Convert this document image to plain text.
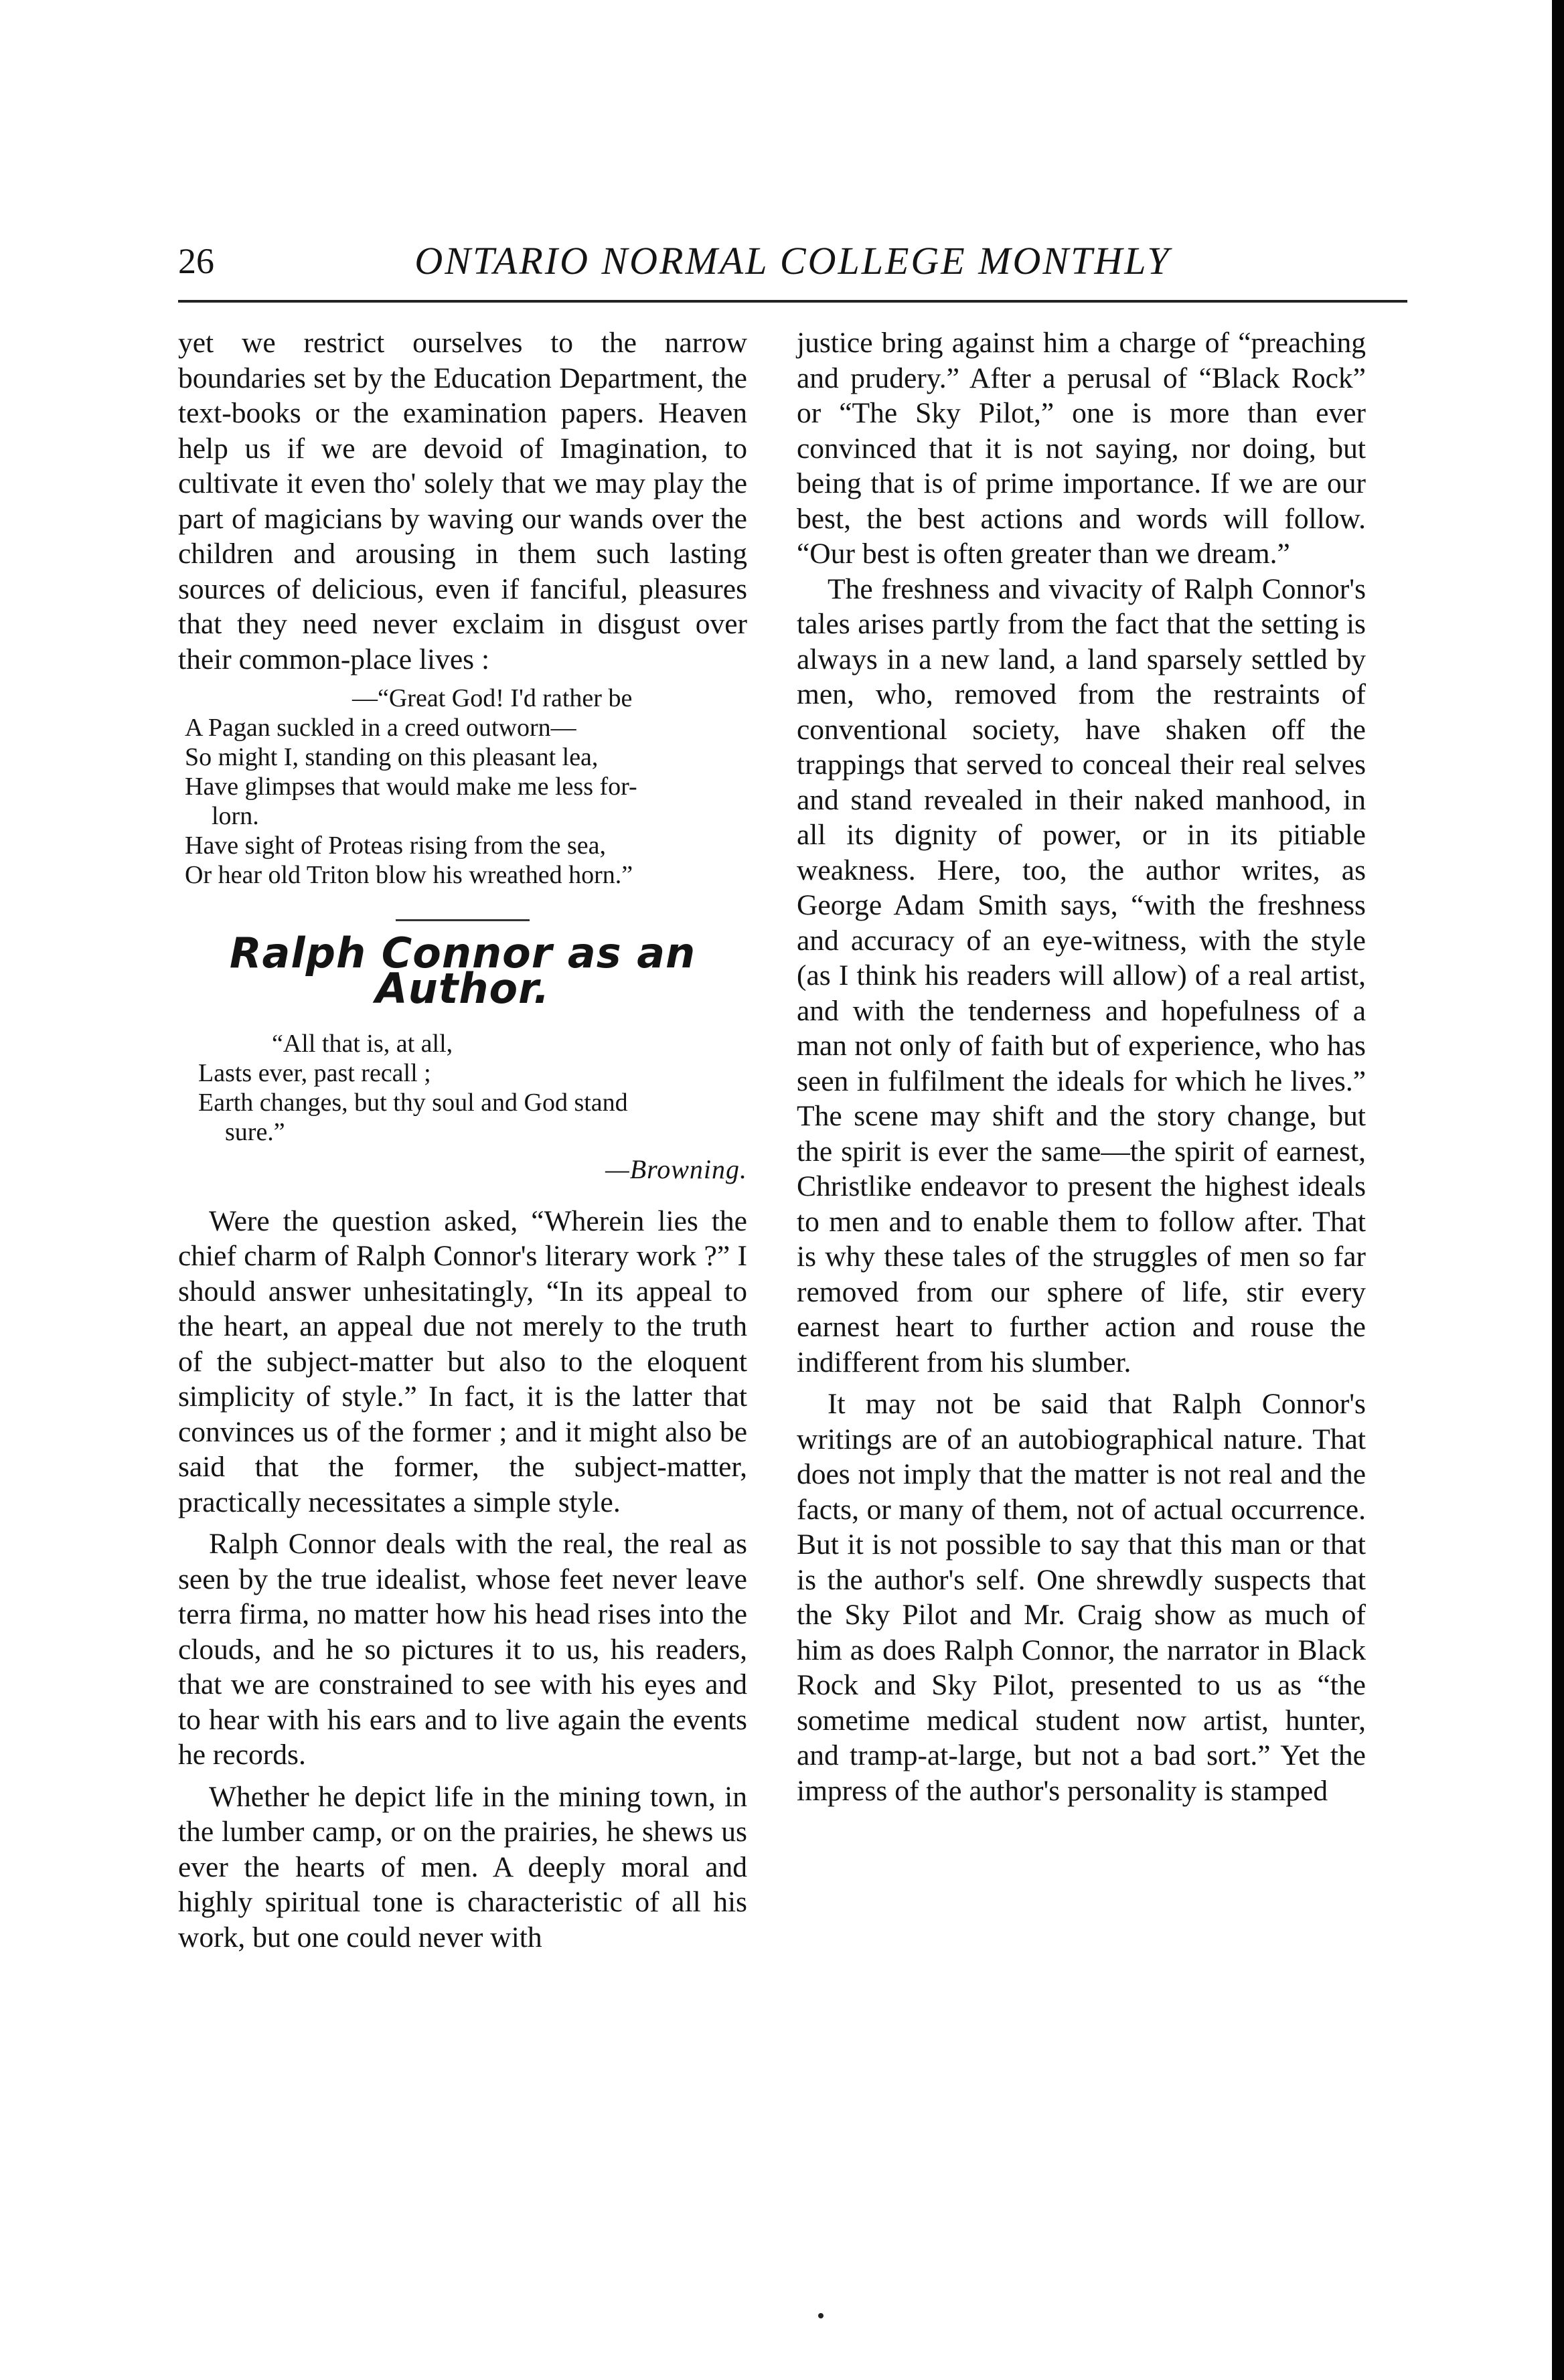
26	ONTARIO NORMAL COLLEGE MONTHLY

yet we restrict ourselves to the narrow boundaries set by the Education Department, the text-books or the examination papers. Heaven help us if we are devoid of Imagination, to cultivate it even tho' solely that we may play the part of magicians by waving our wands over the children and arousing in them such lasting sources of delicious, even if fanciful, pleasures that they need never exclaim in disgust over their common-place lives :

—“Great God! I'd rather be
A Pagan suckled in a creed outworn—
So might I, standing on this pleasant lea,
Have glimpses that would make me less for-
lorn.
Have sight of Proteas rising from the sea,
Or hear old Triton blow his wreathed horn.”
Ralph Connor as an Author.
“All that is, at all,
Lasts ever, past recall ;
Earth changes, but thy soul and God stand
sure.”
—Browning.

Were the question asked, “Wherein lies the chief charm of Ralph Connor's literary work ?” I should answer unhesitatingly, “In its appeal to the heart, an appeal due not merely to the truth of the subject-matter but also to the eloquent simplicity of style.” In fact, it is the latter that convinces us of the former ; and it might also be said that the former, the subject-matter, practically necessitates a simple style.

Ralph Connor deals with the real, the real as seen by the true idealist, whose feet never leave terra firma, no matter how his head rises into the clouds, and he so pictures it to us, his readers, that we are constrained to see with his eyes and to hear with his ears and to live again the events he records.

Whether he depict life in the mining town, in the lumber camp, or on the prairies, he shews us ever the hearts of men. A deeply moral and highly spiritual tone is characteristic of all his work, but one could never with

justice bring against him a charge of “preaching and prudery.” After a perusal of “Black Rock” or “The Sky Pilot,” one is more than ever convinced that it is not saying, nor doing, but being that is of prime importance. If we are our best, the best actions and words will follow. “Our best is often greater than we dream.”

The freshness and vivacity of Ralph Connor's tales arises partly from the fact that the setting is always in a new land, a land sparsely settled by men, who, removed from the restraints of conventional society, have shaken off the trappings that served to conceal their real selves and stand revealed in their naked manhood, in all its dignity of power, or in its pitiable weakness. Here, too, the author writes, as George Adam Smith says, “with the freshness and accuracy of an eye-witness, with the style (as I think his readers will allow) of a real artist, and with the tenderness and hopefulness of a man not only of faith but of experience, who has seen in fulfilment the ideals for which he lives.” The scene may shift and the story change, but the spirit is ever the same—the spirit of earnest, Christlike endeavor to present the highest ideals to men and to enable them to follow after. That is why these tales of the struggles of men so far removed from our sphere of life, stir every earnest heart to further action and rouse the indifferent from his slumber.

It may not be said that Ralph Connor's writings are of an autobiographical nature. That does not imply that the matter is not real and the facts, or many of them, not of actual occurrence. But it is not possible to say that this man or that is the author's self. One shrewdly suspects that the Sky Pilot and Mr. Craig show as much of him as does Ralph Connor, the narrator in Black Rock and Sky Pilot, presented to us as “the sometime medical student now artist, hunter, and tramp-at-large, but not a bad sort.” Yet the impress of the author's personality is stamped
